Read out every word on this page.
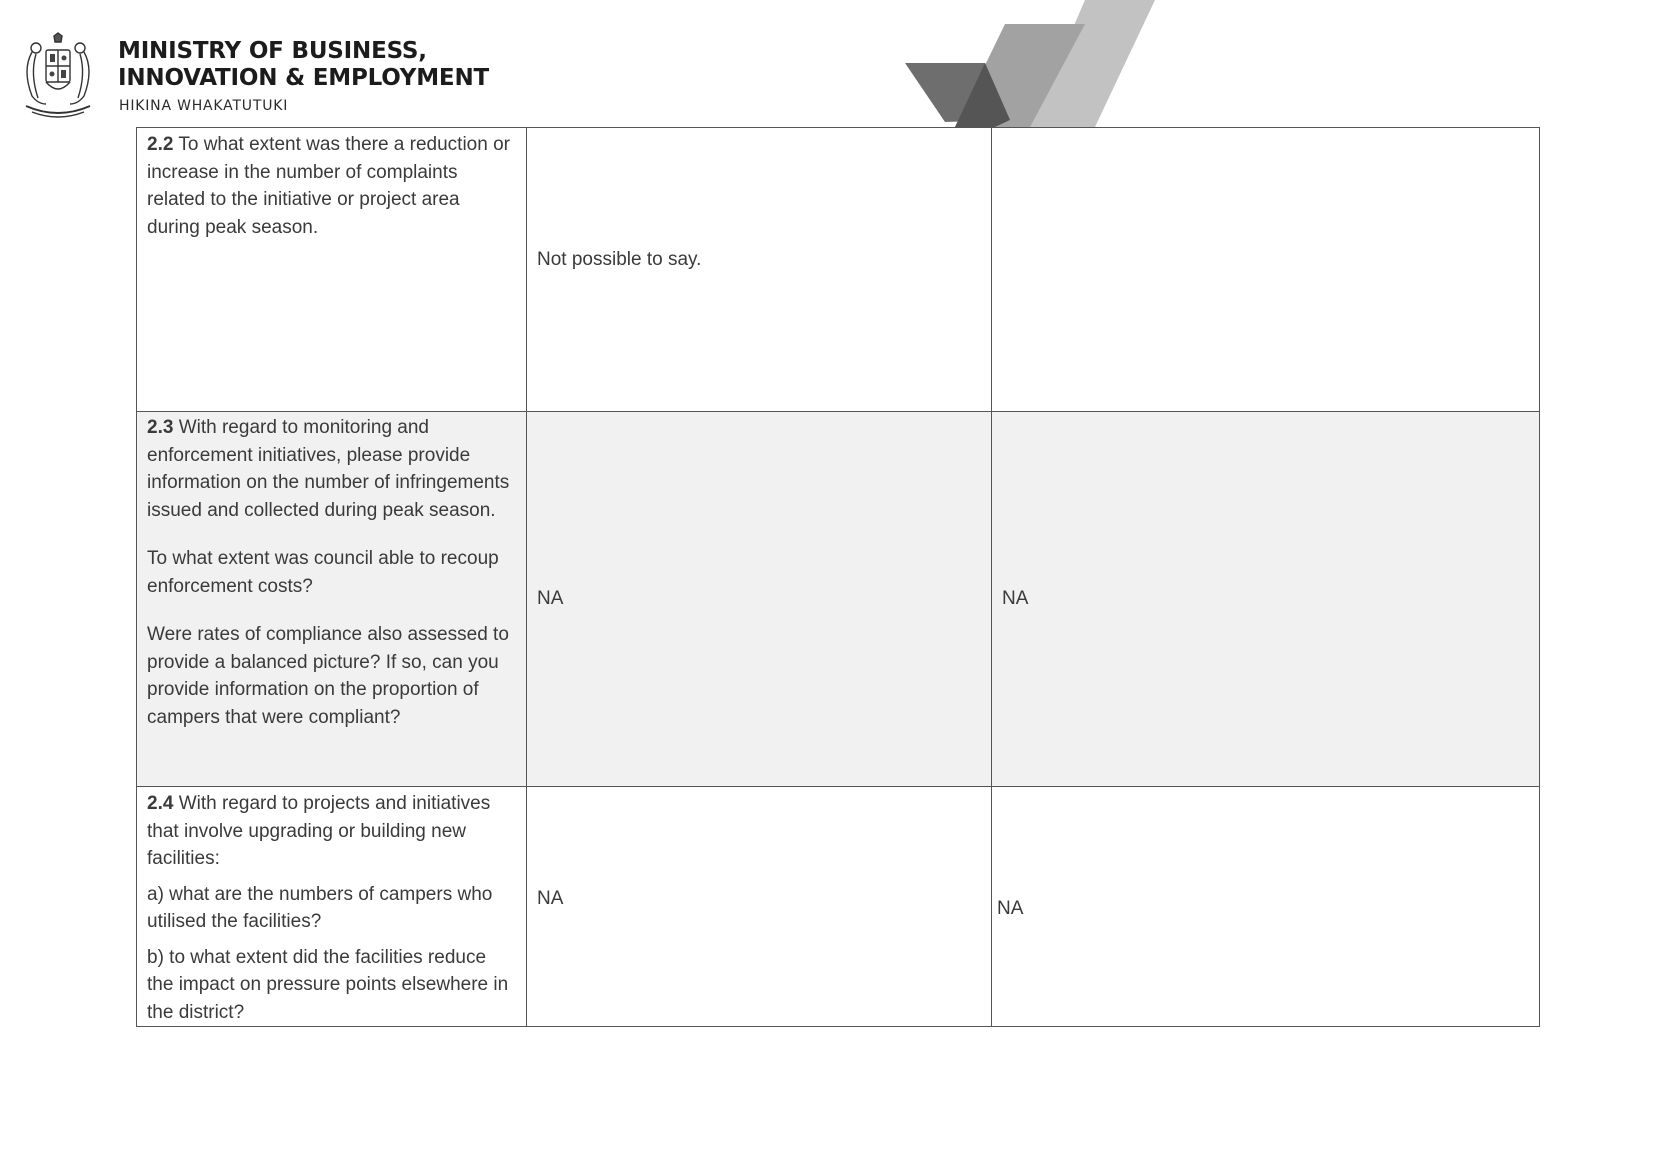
MINISTRY OF BUSINESS,
INNOVATION & EMPLOYMENT
HIKINA WHAKATUTUKI
2.2 To what extent was there a reduction or increase in the number of complaints related to the initiative or project area during peak season.	Not possible to say.	

2.3 With regard to monitoring and enforcement initiatives, please provide information on the number of infringements issued and collected during peak season.
To what extent was council able to recoup enforcement costs?
Were rates of compliance also assessed to provide a balanced picture? If so, can you provide information on the proportion of campers that were compliant?	NA	NA

2.4 With regard to projects and initiatives that involve upgrading or building new facilities:
a) what are the numbers of campers who utilised the facilities?
b) to what extent did the facilities reduce the impact on pressure points elsewhere in the district?	NA	NA
